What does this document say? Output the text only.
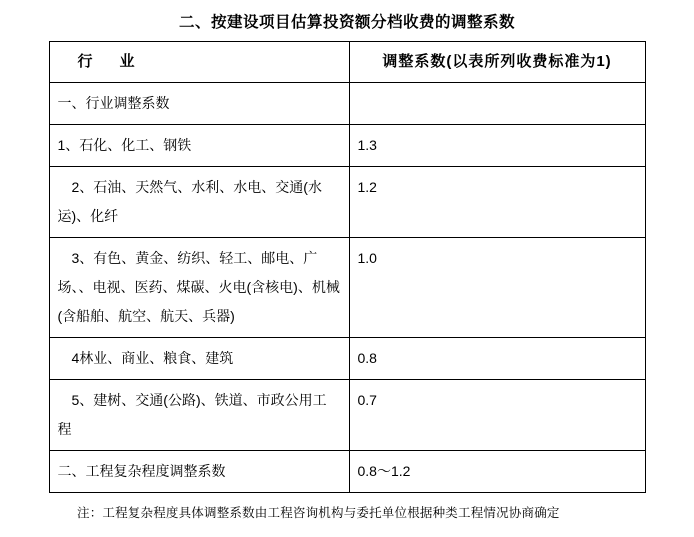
二、按建设项目估算投资额分档收费的调整系数
行　业	调整系数(以表所列收费标准为1)
一、行业调整系数	
1、石化、化工、钢铁	1.3

2、石油、天然气、水利、水电、交通(水运)、化纤	1.2

3、有色、黄金、纺织、轻工、邮电、广场、、电视、医药、煤碳、火电(含核电)、机械(含船舶、航空、航天、兵器)	1.0

4林业、商业、粮食、建筑	0.8

5、建树、交通(公路)、铁道、市政公用工程	0.7
二、工程复杂程度调整系数	0.8～1.2
注：工程复杂程度具体调整系数由工程咨询机构与委托单位根据种类工程情况协商确定
